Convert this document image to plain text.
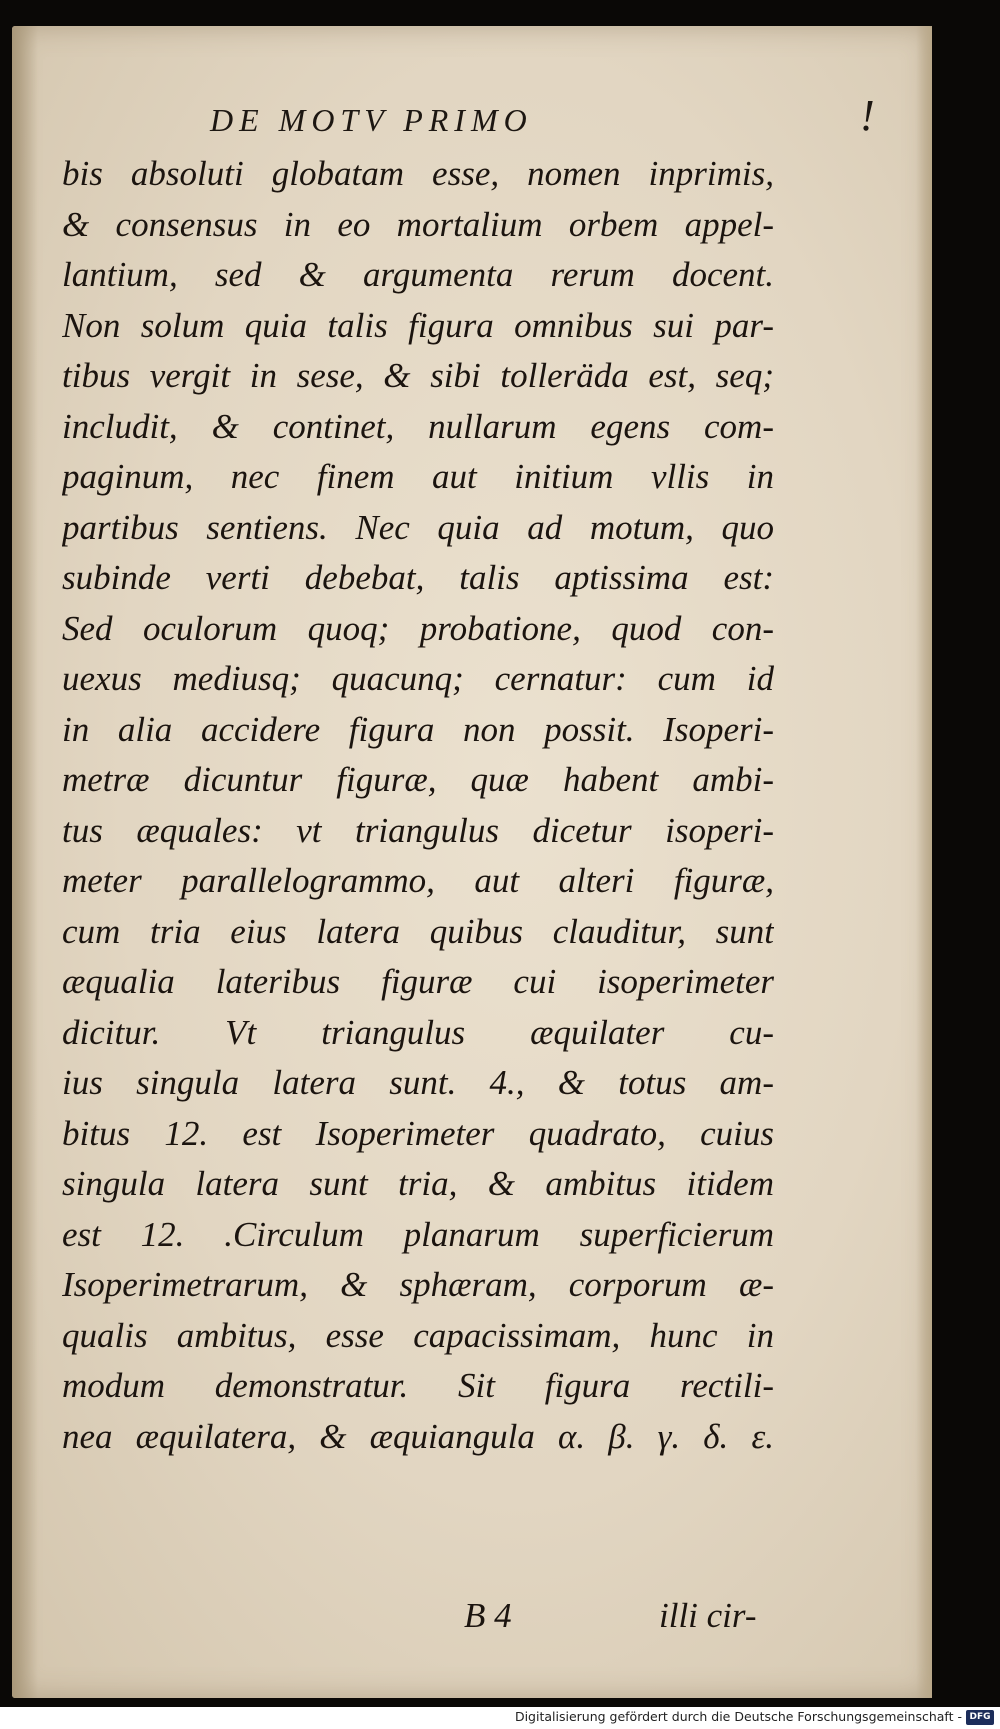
DE MOTV PRIMO	!
bis absoluti globatam esse, nomen inprimis,
& consensus in eo mortalium orbem appel-
lantium, sed & argumenta rerum docent.
Non solum quia talis figura omnibus sui par-
tibus vergit in sese, & sibi tolleräda est, seq;
includit, & continet, nullarum egens com-
paginum, nec finem aut initium vllis in
partibus sentiens. Nec quia ad motum, quo
subinde verti debebat, talis aptissima est:
Sed oculorum quoq; probatione, quod con-
uexus mediusq; quacunq; cernatur: cum id
in alia accidere figura non possit. Isoperi-
metræ dicuntur figuræ, quæ habent ambi-
tus æquales: vt triangulus dicetur isoperi-
meter parallelogrammo, aut alteri figuræ,
cum tria eius latera quibus clauditur, sunt
æqualia lateribus figuræ cui isoperimeter
dicitur. Vt triangulus æquilater cu-
ius singula latera sunt. 4., & totus am-
bitus 12. est Isoperimeter quadrato, cuius
singula latera sunt tria, & ambitus itidem
est 12. .Circulum planarum superficierum
Isoperimetrarum, & sphæram, corporum æ-
qualis ambitus, esse capacissimam, hunc in
modum demonstratur. Sit figura rectili-
nea æquilatera, & æquiangula α. β. γ. δ. ε.
B 4	illi cir-
Digitalisierung gefördert durch die Deutsche Forschungsgemeinschaft - DFG
